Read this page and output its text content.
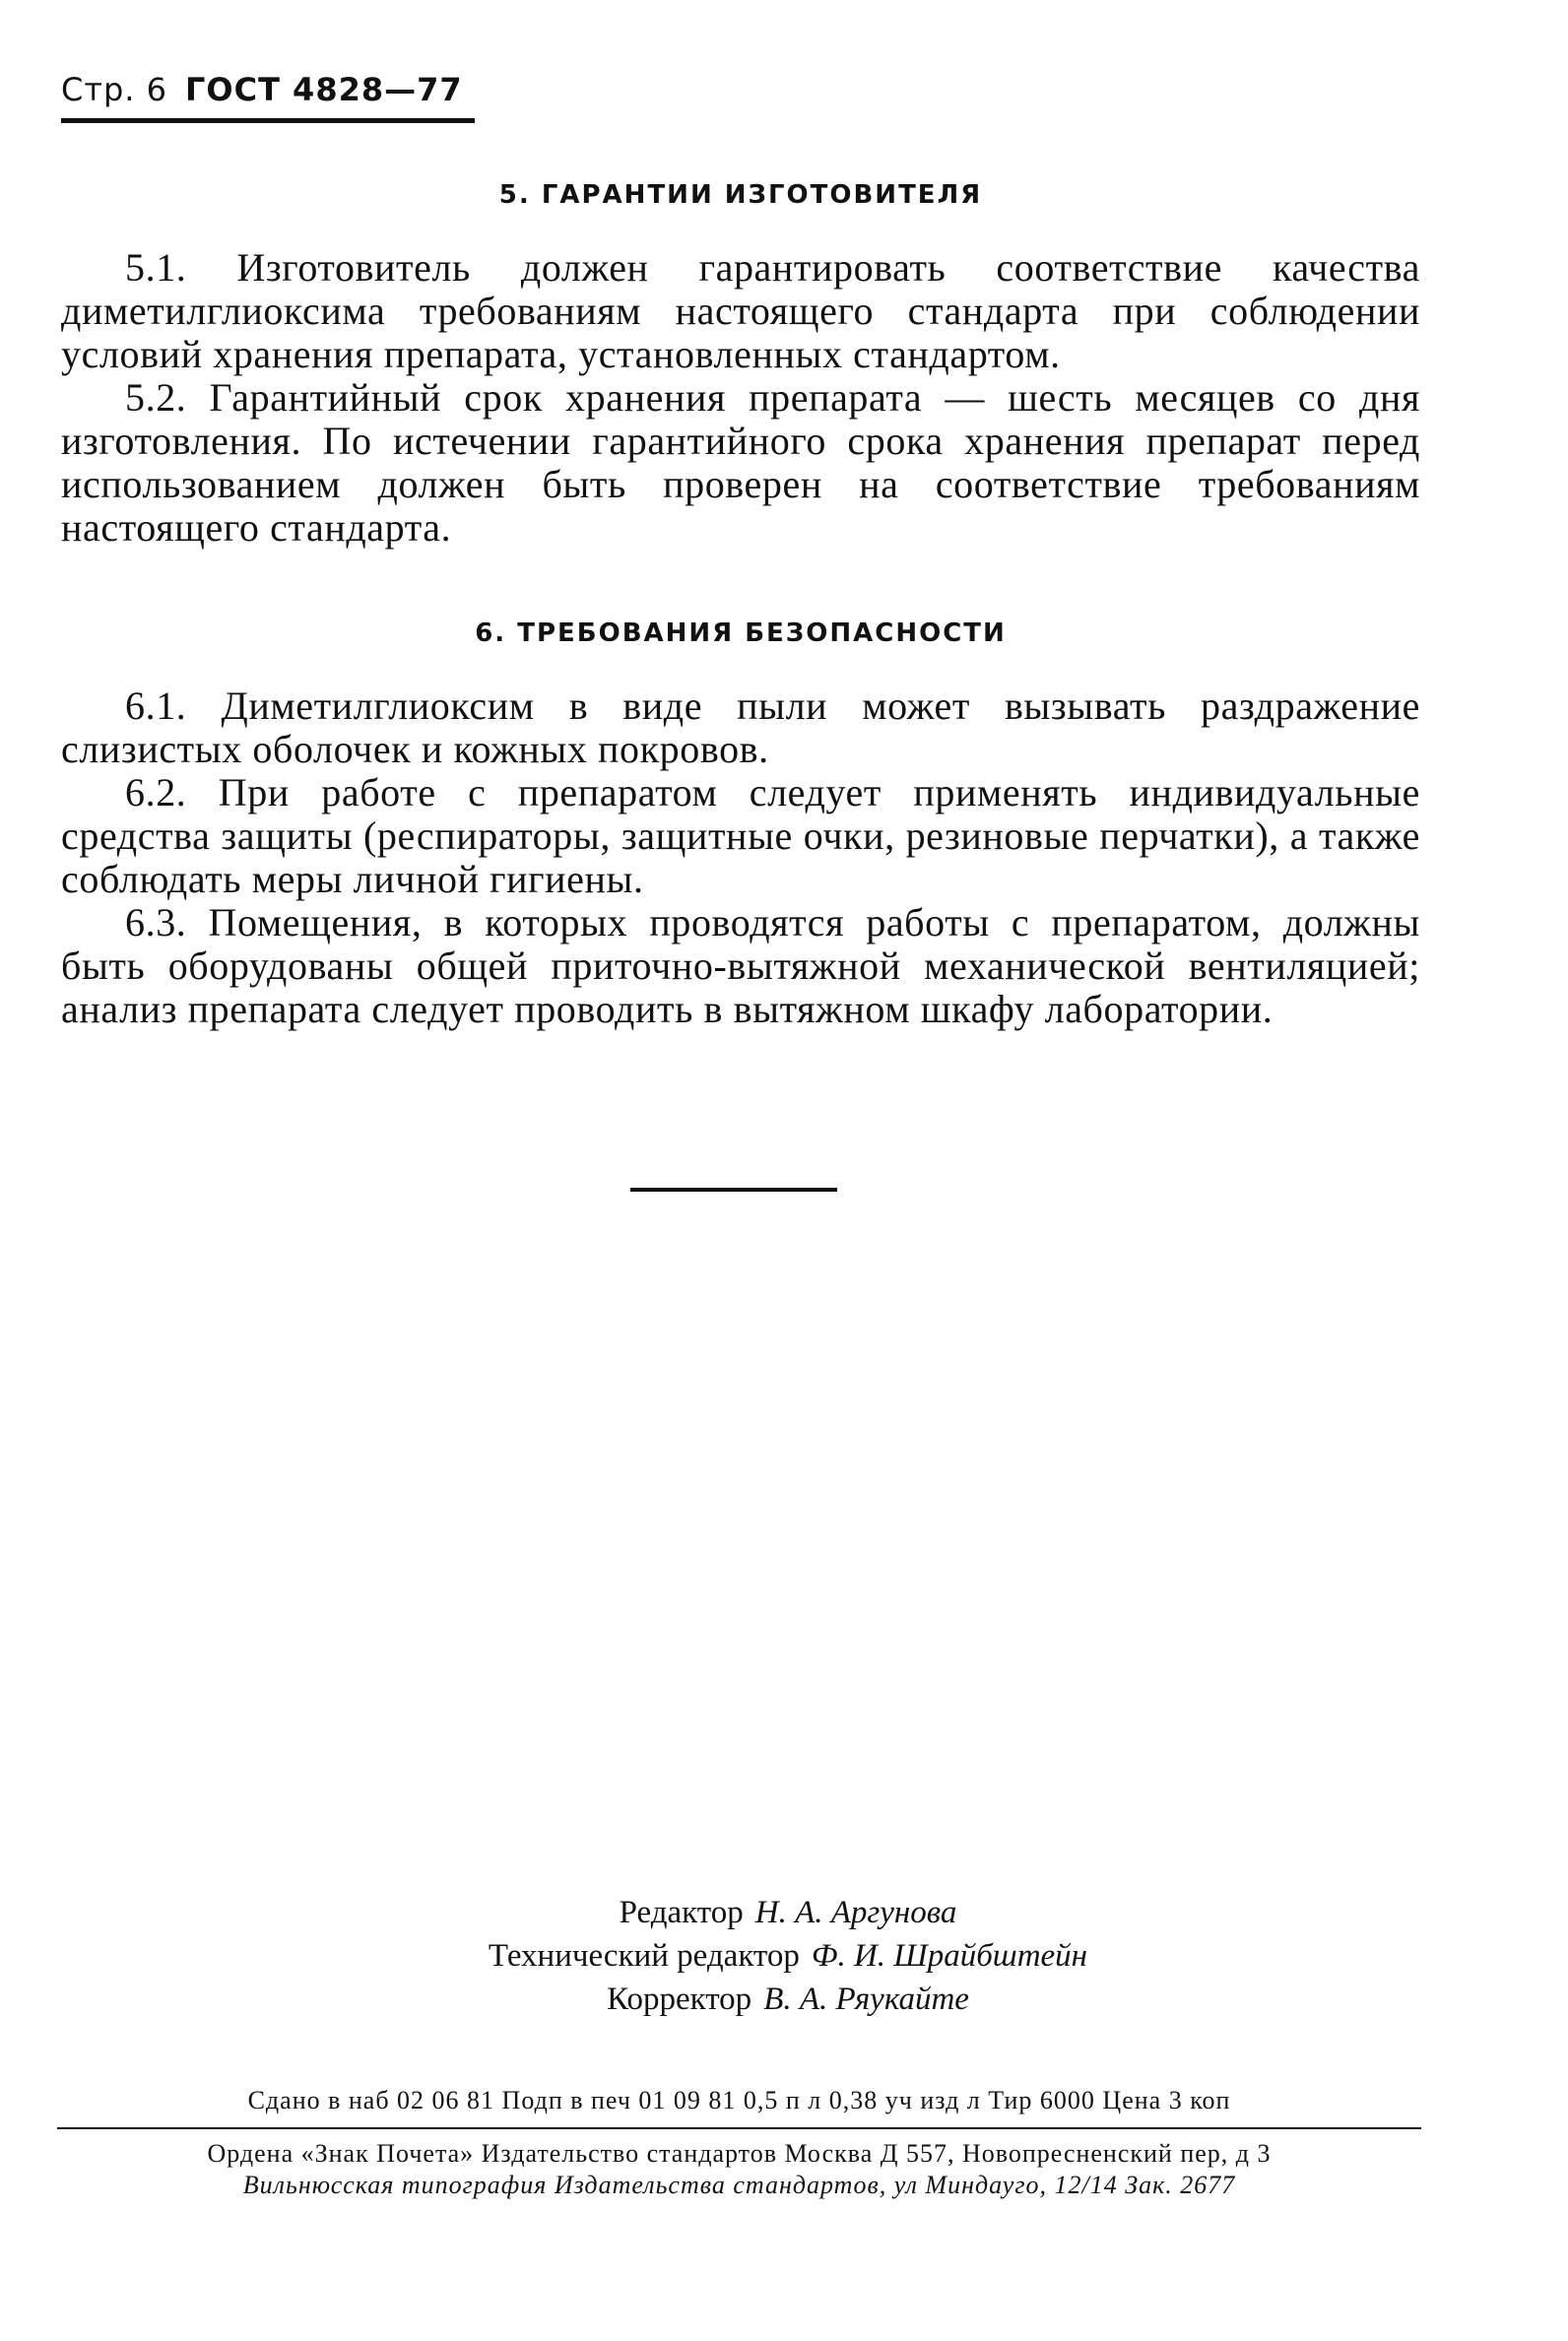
Стр. 6 ГОСТ 4828—77
5. ГАРАНТИИ ИЗГОТОВИТЕЛЯ

5.1. Изготовитель должен гарантировать соответствие качества диметилглиоксима требованиям настоящего стандарта при соблюдении условий хранения препарата, установленных стандартом.

5.2. Гарантийный срок хранения препарата — шесть месяцев со дня изготовления. По истечении гарантийного срока хранения препарат перед использованием должен быть проверен на соответствие требованиям настоящего стандарта.

6. ТРЕБОВАНИЯ БЕЗОПАСНОСТИ

6.1. Диметилглиоксим в виде пыли может вызывать раздражение слизистых оболочек и кожных покровов.

6.2. При работе с препаратом следует применять индивидуальные средства защиты (респираторы, защитные очки, резиновые перчатки), а также соблюдать меры личной гигиены.

6.3. Помещения, в которых проводятся работы с препаратом, должны быть оборудованы общей приточно-вытяжной механической вентиляцией; анализ препарата следует проводить в вытяжном шкафу лаборатории.

Редактор Н. А. Аргунова
Технический редактор Ф. И. Шрайбштейн
Корректор В. А. Ряукайте
Сдано в наб 02 06 81 Подп в печ 01 09 81 0,5 п л 0,38 уч изд л Тир 6000 Цена 3 коп
Ордена «Знак Почета» Издательство стандартов Москва Д 557, Новопресненский пер, д 3
Вильнюсская типография Издательства стандартов, ул Миндауго, 12/14 Зак. 2677
